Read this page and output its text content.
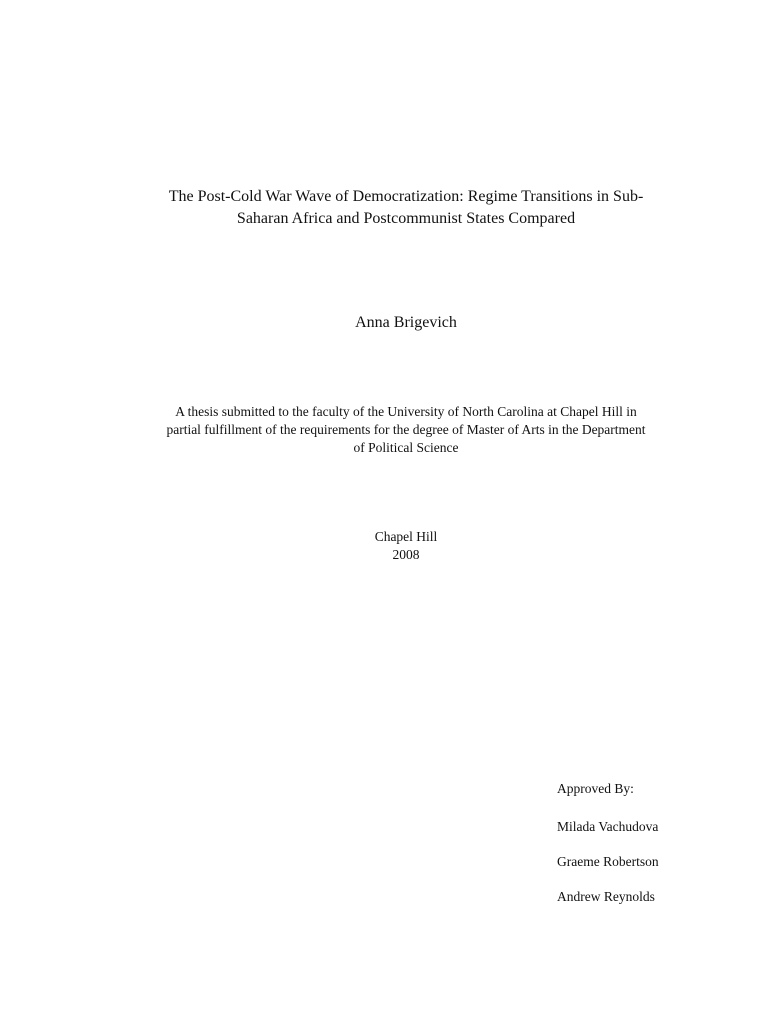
The Post-Cold War Wave of Democratization: Regime Transitions in Sub-
Saharan Africa and Postcommunist States Compared
Anna Brigevich
A thesis submitted to the faculty of the University of North Carolina at Chapel Hill in
partial fulfillment of the requirements for the degree of Master of Arts in the Department
of Political Science
Chapel Hill
2008
Approved By:
Milada Vachudova
Graeme Robertson
Andrew Reynolds
